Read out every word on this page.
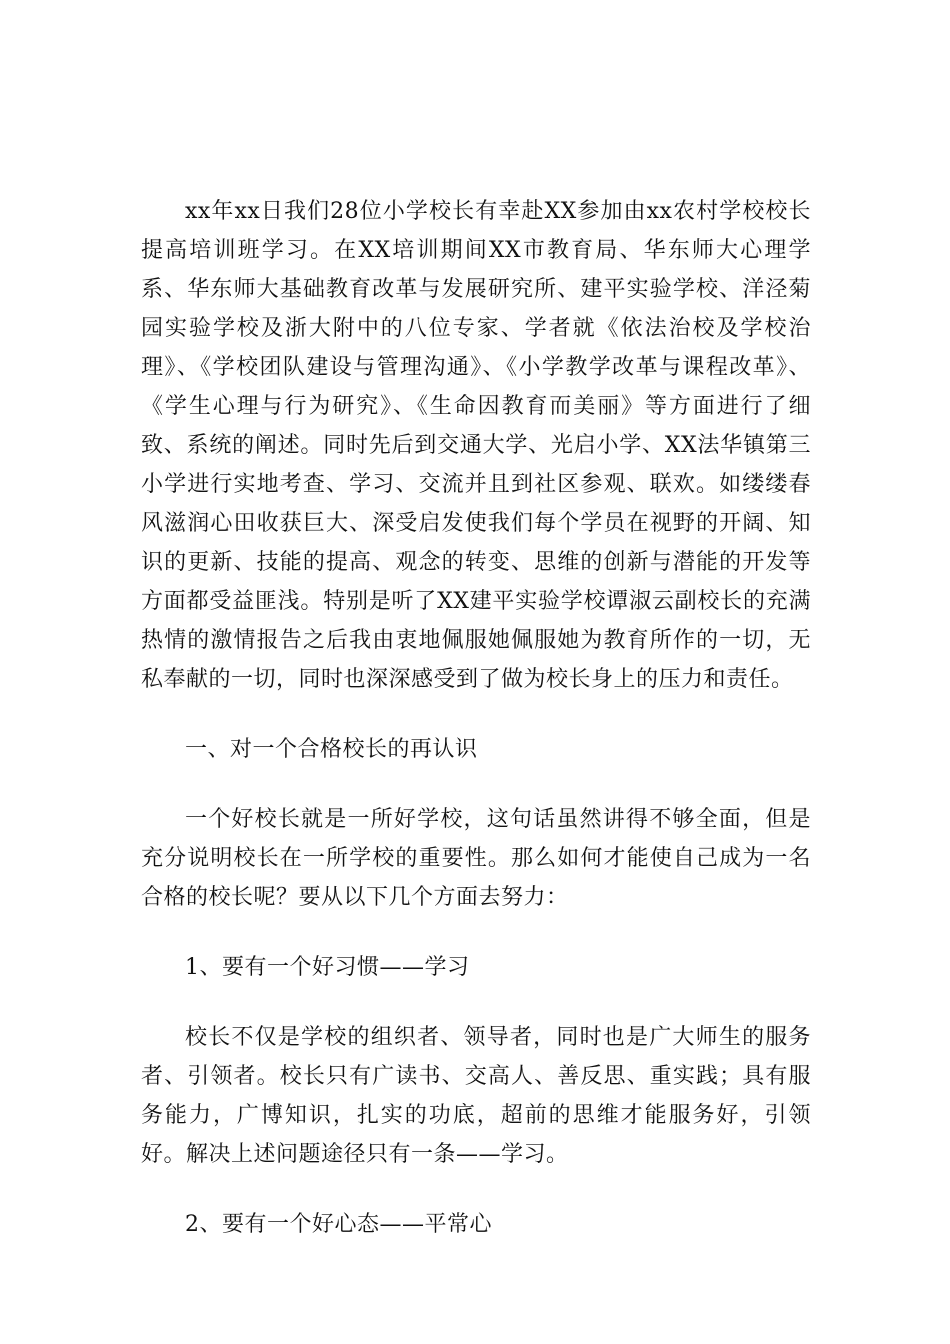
xx年xx日我们28位小学校长有幸赴XX参加由xx农村学校校长提高培训班学习。在XX培训期间XX市教育局、华东师大心理学系、华东师大基础教育改革与发展研究所、建平实验学校、洋泾菊园实验学校及浙大附中的八位专家、学者就《依法治校及学校治理》、《学校团队建设与管理沟通》、《小学教学改革与课程改革》、《学生心理与行为研究》、《生命因教育而美丽》等方面进行了细致、系统的阐述。同时先后到交通大学、光启小学、XX法华镇第三小学进行实地考查、学习、交流并且到社区参观、联欢。如缕缕春风滋润心田收获巨大、深受启发使我们每个学员在视野的开阔、知识的更新、技能的提高、观念的转变、思维的创新与潜能的开发等方面都受益匪浅。特别是听了XX建平实验学校谭淑云副校长的充满热情的激情报告之后我由衷地佩服她佩服她为教育所作的一切，无私奉献的一切，同时也深深感受到了做为校长身上的压力和责任。

一、对一个合格校长的再认识

一个好校长就是一所好学校，这句话虽然讲得不够全面，但是充分说明校长在一所学校的重要性。那么如何才能使自己成为一名合格的校长呢？要从以下几个方面去努力：

1、要有一个好习惯——学习

校长不仅是学校的组织者、领导者，同时也是广大师生的服务者、引领者。校长只有广读书、交高人、善反思、重实践；具有服务能力，广博知识，扎实的功底，超前的思维才能服务好，引领好。解决上述问题途径只有一条——学习。

2、要有一个好心态——平常心
